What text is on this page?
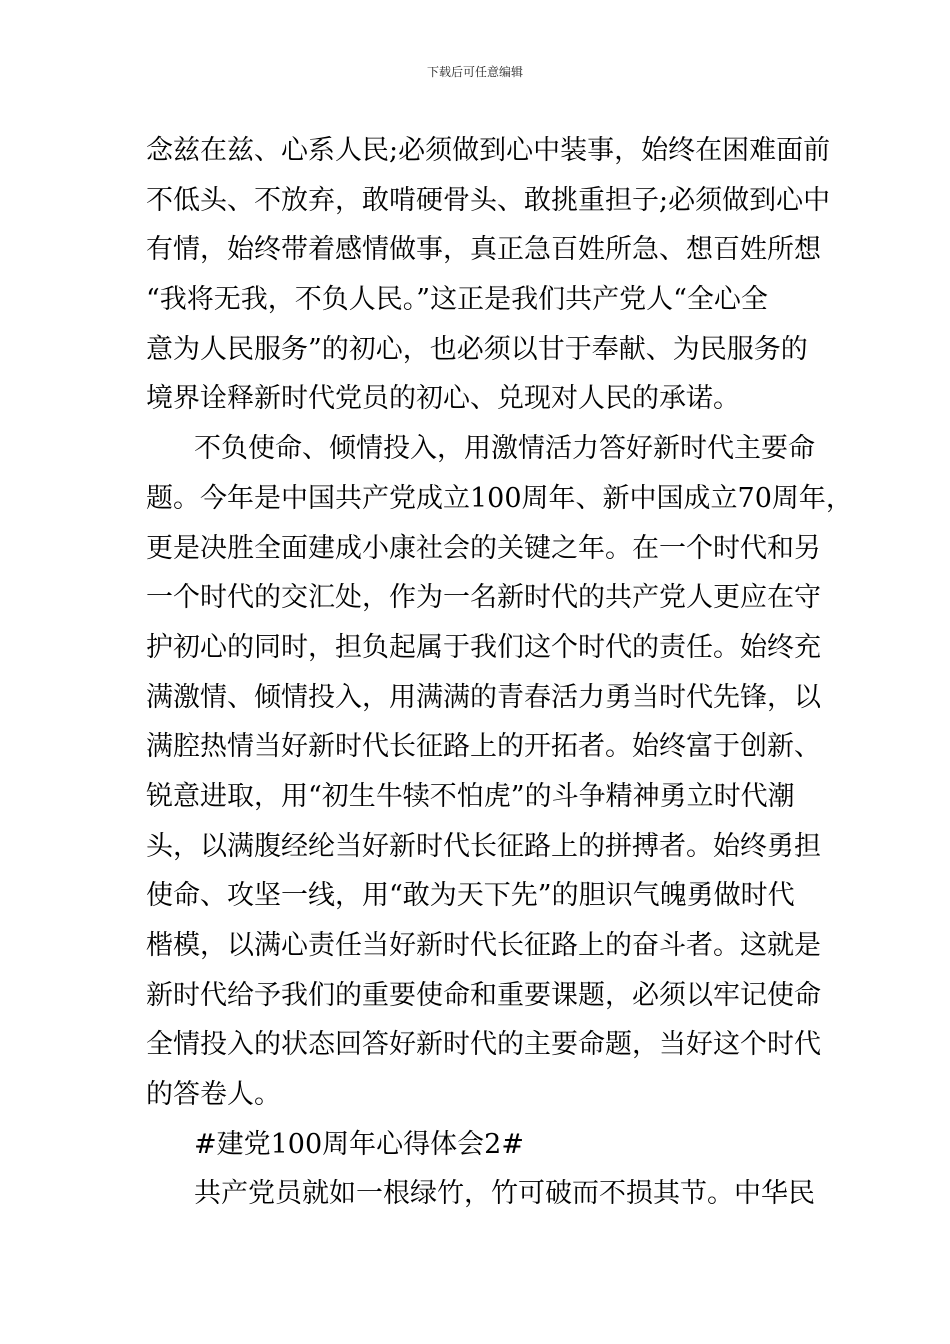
下载后可任意编辑
念兹在兹、心系人民;必须做到心中装事，始终在困难面前
不低头、不放弃，敢啃硬骨头、敢挑重担子;必须做到心中
有情，始终带着感情做事，真正急百姓所急、想百姓所想
“我将无我，不负人民。”这正是我们共产党人“全心全
意为人民服务”的初心，也必须以甘于奉献、为民服务的
境界诠释新时代党员的初心、兑现对人民的承诺。
不负使命、倾情投入，用激情活力答好新时代主要命
题。今年是中国共产党成立100周年、新中国成立70周年，
更是决胜全面建成小康社会的关键之年。在一个时代和另
一个时代的交汇处，作为一名新时代的共产党人更应在守
护初心的同时，担负起属于我们这个时代的责任。始终充
满激情、倾情投入，用满满的青春活力勇当时代先锋，以
满腔热情当好新时代长征路上的开拓者。始终富于创新、
锐意进取，用“初生牛犊不怕虎”的斗争精神勇立时代潮
头，以满腹经纶当好新时代长征路上的拼搏者。始终勇担
使命、攻坚一线，用“敢为天下先”的胆识气魄勇做时代
楷模，以满心责任当好新时代长征路上的奋斗者。这就是
新时代给予我们的重要使命和重要课题，必须以牢记使命
全情投入的状态回答好新时代的主要命题，当好这个时代
的答卷人。
#建党100周年心得体会2#
共产党员就如一根绿竹，竹可破而不损其节。中华民
